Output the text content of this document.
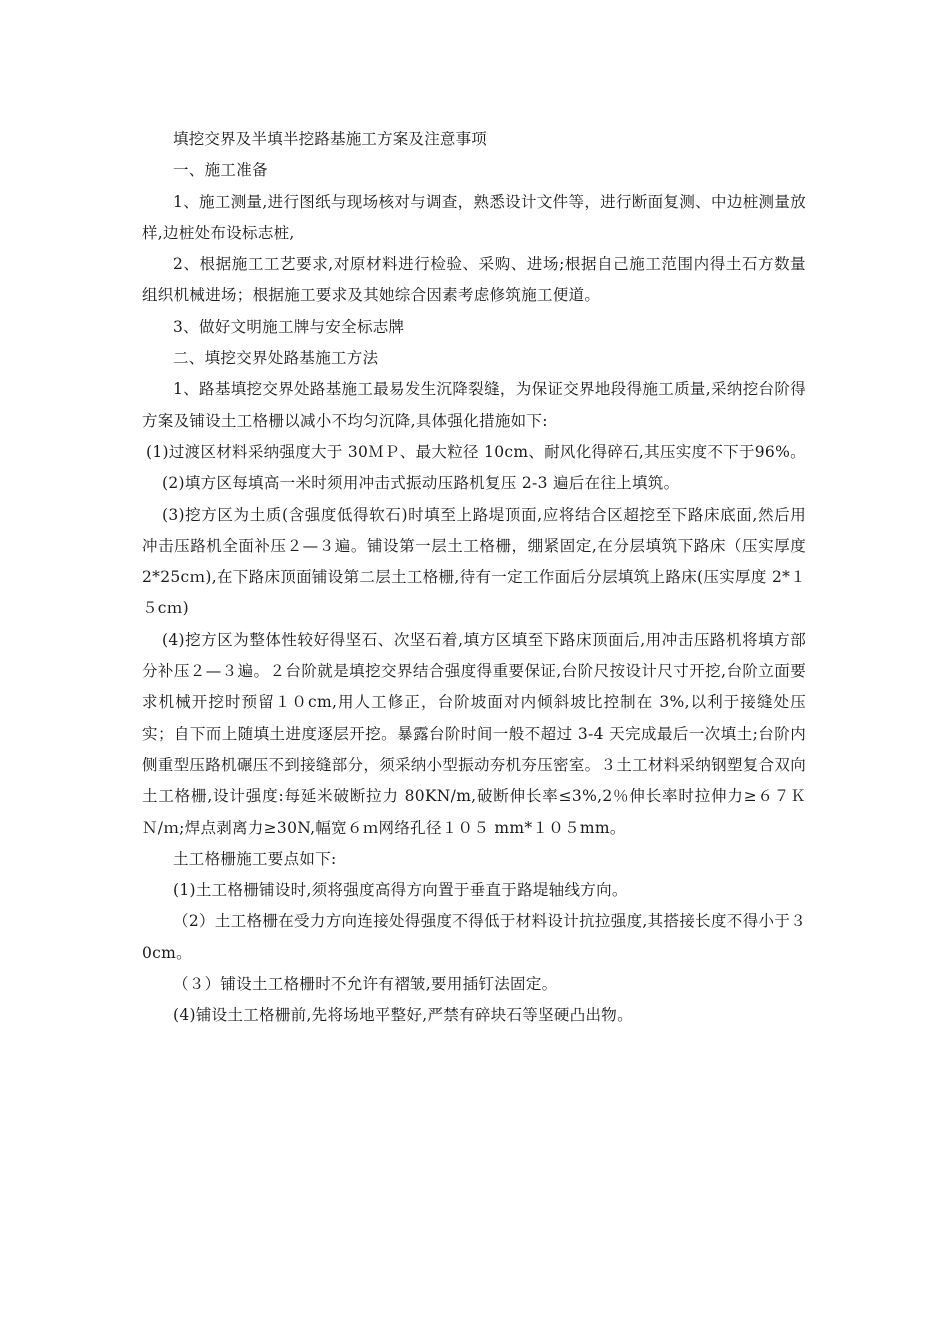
填挖交界及半填半挖路基施工方案及注意事项

一、施工准备

1、施工测量,进行图纸与现场核对与调查，熟悉设计文件等，进行断面复测、中边桩测量放样,边桩处布设标志桩,

2、根据施工工艺要求,对原材料进行检验、采购、进场;根据自己施工范围内得土石方数量组织机械进场；根据施工要求及其她综合因素考虑修筑施工便道。

3、做好文明施工牌与安全标志牌

二、填挖交界处路基施工方法

1、路基填挖交界处路基施工最易发生沉降裂缝，为保证交界地段得施工质量,采纳挖台阶得方案及铺设土工格栅以减小不均匀沉降,具体强化措施如下:

(1)过渡区材料采纳强度大于 30ＭＰ、最大粒径 10cm、耐风化得碎石,其压实度不下于96%。

(2)填方区每填高一米时须用冲击式振动压路机复压 2-3 遍后在往上填筑。

(3)挖方区为土质(含强度低得软石)时填至上路堤顶面,应将结合区超挖至下路床底面,然后用冲击压路机全面补压２—３遍。铺设第一层土工格栅，绷紧固定,在分层填筑下路床（压实厚度 2*25cｍ),在下路床顶面铺设第二层土工格栅,待有一定工作面后分层填筑上路床(压实厚度 2*１５cｍ)

(4)挖方区为整体性较好得坚石、次坚石着,填方区填至下路床顶面后,用冲击压路机将填方部分补压２—３遍。２台阶就是填挖交界结合强度得重要保证,台阶尺按设计尺寸开挖,台阶立面要求机械开挖时预留１０cm,用人工修正，台阶坡面对内倾斜坡比控制在 3%,以利于接缝处压实；自下而上随填土进度逐层开挖。暴露台阶时间一般不超过 3-4 天完成最后一次填土;台阶内侧重型压路机碾压不到接缝部分，须采纳小型振动夯机夯压密室。３土工材料采纳钢塑复合双向土工格栅,设计强度:每延米破断拉力 80KN/m,破断伸长率≤3%,2％伸长率时拉伸力≥６７ＫＮ/ｍ;焊点剥离力≥30N,幅宽６ｍ网络孔径１０５ mm*１０５mm。

土工格栅施工要点如下:

(1)土工格栅铺设时,须将强度高得方向置于垂直于路堤轴线方向。

（2）土工格栅在受力方向连接处得强度不得低于材料设计抗拉强度,其搭接长度不得小于３0cm。

（３）铺设土工格栅时不允许有褶皱,要用插钉法固定。

(4)铺设土工格栅前,先将场地平整好,严禁有碎块石等坚硬凸出物。
